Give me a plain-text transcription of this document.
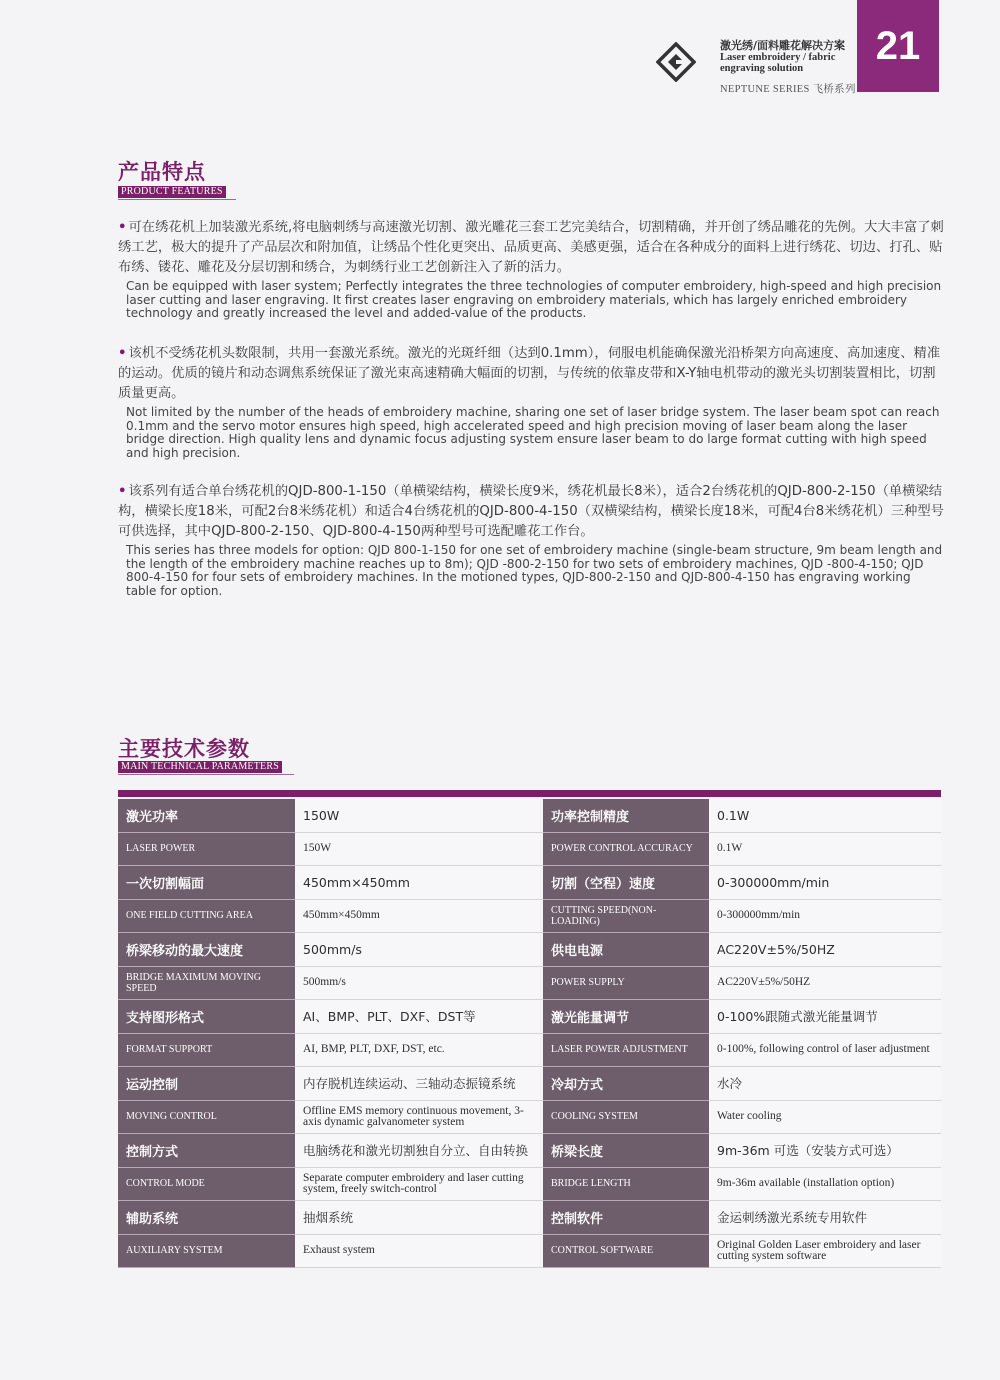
激光绣/面料雕花解决方案
Laser embroidery / fabric
engraving solution
NEPTUNE SERIES 飞桥系列
21
产品特点
PRODUCT FEATURES

• 可在绣花机上加装激光系统,将电脑刺绣与高速激光切割、激光雕花三套工艺完美结合，切割精确，并开创了绣品雕花的先例。大大丰富了刺绣工艺，极大的提升了产品层次和附加值，让绣品个性化更突出、品质更高、美感更强，适合在各种成分的面料上进行绣花、切边、打孔、贴布绣、镂花、雕花及分层切割和绣合，为刺绣行业工艺创新注入了新的活力。

Can be equipped with laser system; Perfectly integrates the three technologies of computer embroidery, high-speed and high precision laser cutting and laser engraving. It first creates laser engraving on embroidery materials, which has largely enriched embroidery technology and greatly increased the level and added-value of the products.

• 该机不受绣花机头数限制，共用一套激光系统。激光的光斑纤细（达到0.1mm），伺服电机能确保激光沿桥架方向高速度、高加速度、精准的运动。优质的镜片和动态调焦系统保证了激光束高速精确大幅面的切割，与传统的依靠皮带和X-Y轴电机带动的激光头切割装置相比，切割质量更高。

Not limited by the number of the heads of embroidery machine, sharing one set of laser bridge system. The laser beam spot can reach 0.1mm and the servo motor ensures high speed, high accelerated speed and high precision moving of laser beam along the laser bridge direction. High quality lens and dynamic focus adjusting system ensure laser beam to do large format cutting with high speed and high precision.

• 该系列有适合单台绣花机的QJD-800-1-150（单横梁结构，横梁长度9米，绣花机最长8米），适合2台绣花机的QJD-800-2-150（单横梁结构，横梁长度18米，可配2台8米绣花机）和适合4台绣花机的QJD-800-4-150（双横梁结构，横梁长度18米，可配4台8米绣花机）三种型号可供选择，其中QJD-800-2-150、QJD-800-4-150两种型号可选配雕花工作台。

This series has three models for option: QJD 800-1-150 for one set of embroidery machine (single-beam structure, 9m beam length and the length of the embroidery machine reaches up to 8m); QJD -800-2-150 for two sets of embroidery machines, QJD -800-4-150; QJD 800-4-150 for four sets of embroidery machines. In the motioned types, QJD-800-2-150 and QJD-800-4-150 has engraving working table for option.

主要技术参数
MAIN TECHNICAL PARAMETERS
激光功率	150W		功率控制精度	0.1W
LASER POWER	150W		POWER CONTROL ACCURACY	0.1W
一次切割幅面	450mm×450mm		切割（空程）速度	0-300000mm/min
ONE FIELD CUTTING AREA	450mm×450mm		CUTTING SPEED(NON-LOADING)	0-300000mm/min
桥梁移动的最大速度	500mm/s		供电电源	AC220V±5%/50HZ
BRIDGE MAXIMUM MOVING SPEED	500mm/s		POWER SUPPLY	AC220V±5%/50HZ
支持图形格式	AI、BMP、PLT、DXF、DST等		激光能量调节	0-100%跟随式激光能量调节
FORMAT SUPPORT	AI, BMP, PLT, DXF, DST, etc.		LASER POWER ADJUSTMENT	0-100%, following control of laser adjustment
运动控制	内存脱机连续运动、三轴动态振镜系统		冷却方式	水冷
MOVING CONTROL	Offline EMS memory continuous movement, 3-axis dynamic galvanometer system		COOLING SYSTEM	Water cooling
控制方式	电脑绣花和激光切割独自分立、自由转换		桥梁长度	9m-36m 可选（安装方式可选）
CONTROL MODE	Separate computer embroidery and laser cutting system, freely switch-control		BRIDGE LENGTH	9m-36m available (installation option)
辅助系统	抽烟系统		控制软件	金运刺绣激光系统专用软件
AUXILIARY SYSTEM	Exhaust system		CONTROL SOFTWARE	Original Golden Laser embroidery and laser cutting system software
